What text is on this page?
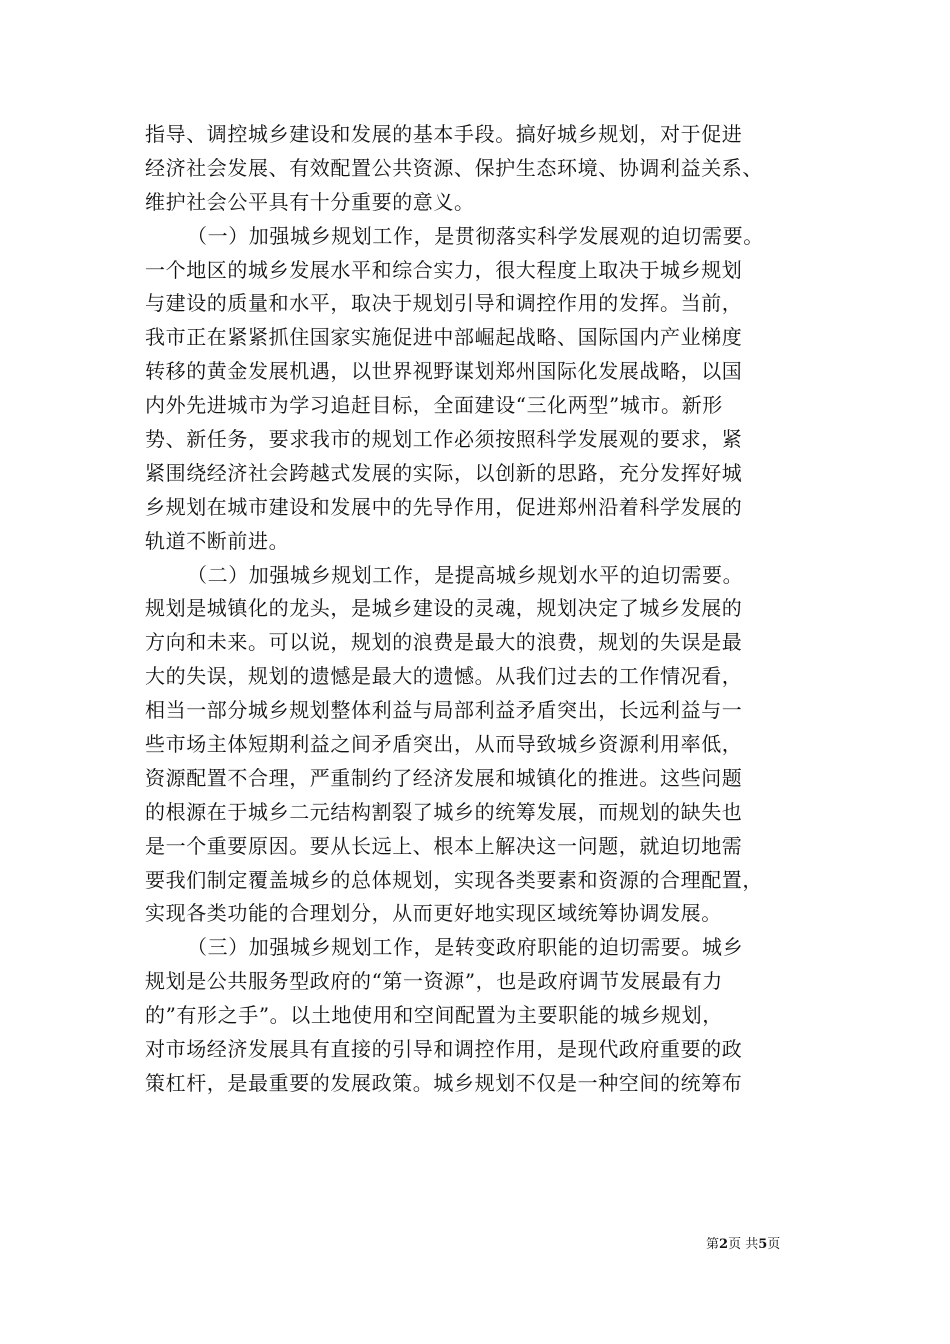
指导、调控城乡建设和发展的基本手段。搞好城乡规划，对于促进
经济社会发展、有效配置公共资源、保护生态环境、协调利益关系、
维护社会公平具有十分重要的意义。
（一）加强城乡规划工作，是贯彻落实科学发展观的迫切需要。
一个地区的城乡发展水平和综合实力，很大程度上取决于城乡规划
与建设的质量和水平，取决于规划引导和调控作用的发挥。当前，
我市正在紧紧抓住国家实施促进中部崛起战略、国际国内产业梯度
转移的黄金发展机遇，以世界视野谋划郑州国际化发展战略，以国
内外先进城市为学习追赶目标，全面建设“三化两型”城市。新形
势、新任务，要求我市的规划工作必须按照科学发展观的要求，紧
紧围绕经济社会跨越式发展的实际，以创新的思路，充分发挥好城
乡规划在城市建设和发展中的先导作用，促进郑州沿着科学发展的
轨道不断前进。
（二）加强城乡规划工作，是提高城乡规划水平的迫切需要。
规划是城镇化的龙头，是城乡建设的灵魂，规划决定了城乡发展的
方向和未来。可以说，规划的浪费是最大的浪费，规划的失误是最
大的失误，规划的遗憾是最大的遗憾。从我们过去的工作情况看，
相当一部分城乡规划整体利益与局部利益矛盾突出，长远利益与一
些市场主体短期利益之间矛盾突出，从而导致城乡资源利用率低，
资源配置不合理，严重制约了经济发展和城镇化的推进。这些问题
的根源在于城乡二元结构割裂了城乡的统筹发展，而规划的缺失也
是一个重要原因。要从长远上、根本上解决这一问题，就迫切地需
要我们制定覆盖城乡的总体规划，实现各类要素和资源的合理配置，
实现各类功能的合理划分，从而更好地实现区域统筹协调发展。
（三）加强城乡规划工作，是转变政府职能的迫切需要。城乡
规划是公共服务型政府的“第一资源”，也是政府调节发展最有力
的”有形之手”。以土地使用和空间配置为主要职能的城乡规划，
对市场经济发展具有直接的引导和调控作用，是现代政府重要的政
策杠杆，是最重要的发展政策。城乡规划不仅是一种空间的统筹布
第2页 共5页
